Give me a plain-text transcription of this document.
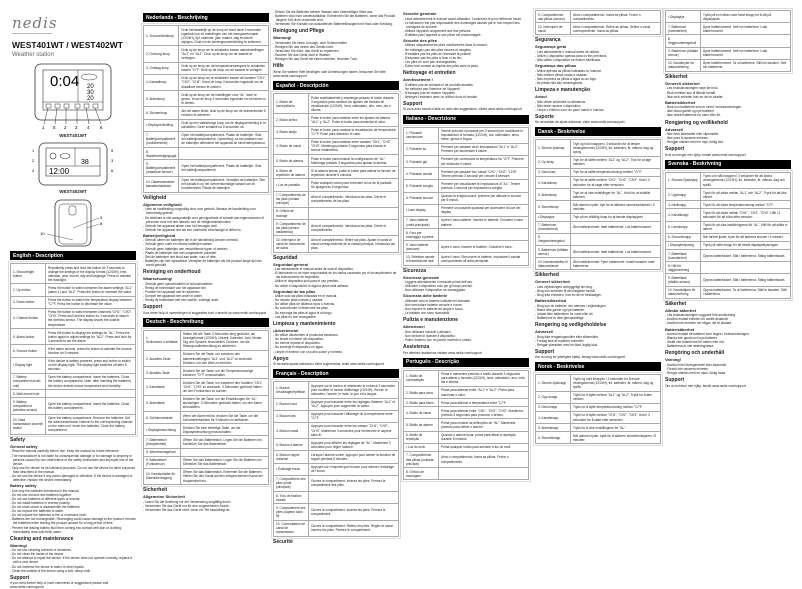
nedis
WEST401WT / WEST402WT
Weather station
0:04 20
30
20
1 5 2 3 4 6
WEST401WT
38
12:00
1
2
4
5
3
6
WEST402WT
9
8
10
English - Description
1. Snooze/light button	Repeatedly press and hold the button for 3 seconds to change the settings of the display format (12/24H), time, calendar, year, month, day and language. Press to activate the backlight.
2. Up button	Press the button to switch between the alarm settings "AL1" (alarm 1) and "AL2". Press the button to increase the value.
3. Down button	Press the button to switch the temperature display between °C/°F. Press the button to decrease the value.
4. Channel button	Press the button to switch between channels "CH1", "CH2", "CH3". Press and hold the button for 3 seconds to search the wireless sensor. The display shows the outside temperature.
5. Alarm button	Press the button to display the settings for "AL". Press the button again to adjust settings for "AL2". Press and hold for 3 seconds to set the alarm.
6. Snooze button	If the alarm sounds, press the button to activate the snooze function for 5 minutes.
• Display light	If the device is battery powered, press any button to switch on the display light. The display light switches off after 5 seconds.
7. Battery compartment (main unit)	Open the battery compartment. Insert the batteries. Close the battery compartment. Note: after inserting the batteries, the device detects indoor temperature and humidity.
8. Wall-mount hole	
9. Battery compartment (wireless sensor)	Open the battery compartment. Insert the batteries. Close the battery compartment.
10. Data transmission channel switch	Open the battery compartment. Remove the batteries. Set the data transmission channel to the corresponding channel on the main unit. Insert the batteries. Close the battery compartment.
Safety
General safety

- Read the manual carefully before use. Keep the manual for future reference.

- The manufacturer is not liable for consequential damage or for damage to property or persons caused by non-observance of the safety instructions and improper use of the device.

- Only use the device for its intended purposes. Do not use the device for other purposes than described in the manual.

- Do not use the device if any part is damaged or defective. If the device is damaged or defective, replace the device immediately.

Battery safety

- Use only the batteries mentioned in the manual.

- Do not use old and new batteries together.

- Do not use batteries of different types or brands.

- Do not install batteries in reverse polarity.

- Do not short-circuit or disassemble the batteries.

- Do not expose the batteries to water.

- Do not expose the batteries to fire or excessive heat.

- Batteries are not rechargeable. Recharging could cause damage to the product; remove the batteries when leaving the product unused for a long period of time.

- Prevent the leaking battery fluid from coming into contact with skin or clothing; immediately rinse with fresh water.

Cleaning and maintenance
Warning!

- Do not use cleaning solvents or abrasives.

- Do not clean the inside of the device.

- Do not attempt to repair the device. If the device does not operate correctly, replace it with a new device.

- Do not immerse the device in water or other liquids.

- Clean the outside of the device using a soft, damp cloth.

Support

If you need further help or have comments or suggestions please visit www.nedis.com/support

Nederlands - Beschrijving
1. Snooze/lichtknop	Druk herhaaldelijk op de knop en houd deze 3 seconden ingedrukt om de instellingen van het weergaveformaat (12/24H), tijd, kalender, jaar, maand, dag en taal te wijzigen. Druk om de achtergrondverlichting te activeren.
2. Omhoog-knop	Druk op de knop om te schakelen tussen alarminstellingen "AL1" en "AL2". Druk op de knop om de waarde te verhogen.
3. Omlaag-knop	Druk op de knop om de temperatuurweergave te schakelen tussen °C/°F. Druk op de knop om de waarde te verlagen.
4. Kanaalknop	Druk op de knop om te schakelen tussen de kanalen "CH1", "CH2", "CH3". Houd de knop 3 seconden ingedrukt om de draadloze sensor te zoeken.
5. Alarmknop	Druk op de knop om de instellingen voor "AL" weer te geven. Houd de knop 3 seconden ingedrukt om het alarm in te stellen.
6. Sluimerknop	Als het alarm klinkt, druk op de knop om de sluimerfunctie 5 minuten te activeren.
• Displayverlichting	Druk op een willekeurige knop om de displayverlichting in te schakelen. Deze schakelt na 5 seconden uit.
7. Batterijcompartiment (hoofdeenheid)	Open het batterijcompartiment. Plaats de batterijen. Sluit het batterijcompartiment. Opmerking: na het plaatsen van de batterijen detecteert het apparaat de binnentemperatuur.
8. Wandbevestigingsgat	
9. Batterijcompartiment (draadloze sensor)	Open het batterijcompartiment. Plaats de batterijen. Sluit het batterijcompartiment.
10. Datatransmissie-kanaalschakelaar	Open het batterijcompartiment. Verwijder de batterijen. Stel het kanaal in op het overeenkomstige kanaal van de hoofdeenheid. Plaats de batterijen.
Veiligheid
Algemene veiligheid

- Lees de handleiding zorgvuldig door voor gebruik. Bewaar de handleiding voor toekomstig gebruik.

- De fabrikant is niet aansprakelijk voor gevolgschade of schade aan eigendommen of personen door het niet naleven van de veiligheidsinstructies.

- Gebruik het apparaat alleen voor het beoogde doel.

- Gebruik het apparaat niet als een onderdeel beschadigd of defect is.

Batterijveiligheid

- Gebruik alleen de batterijen die in de handleiding worden vermeld.

- Gebruik geen oude en nieuwe batterijen samen.

- Gebruik geen batterijen van verschillende typen of merken.

- Plaats de batterijen niet met omgekeerde polariteit.

- Stel de batterijen niet bloot aan water, vuur of hitte.

- Batterijen zijn niet oplaadbaar. Verwijder de batterijen als het product lange tijd niet wordt gebruikt.

Reiniging en onderhoud
Waarschuwing!

- Gebruik geen oplosmiddelen of schuurmiddelen.

- Reinig de binnenkant van het apparaat niet.

- Probeer het apparaat niet te repareren.

- Dompel het apparaat niet onder in water.

- Reinig de buitenkant met een zachte, vochtige doek.

Support

Voor meer hulp of opmerkingen of suggesties kunt u terecht op www.nedis.com/support

Deutsch - Beschreibung
1. Schlummer-/Lichttaste	Halten Sie die Taste 3 Sekunden lang gedrückt, um Anzeigeformat (12/24H), Uhrzeit, Kalender, Jahr, Monat, Tag und Sprache einzustellen. Drücken, um die Hintergrundbeleuchtung zu aktivieren.
2. Aufwärts-Taste	Drücken Sie die Taste, um zwischen den Alarmeinstellungen "AL1" und "AL2" zu wechseln. Drücken, um den Wert zu erhöhen.
3. Abwärts-Taste	Drücken Sie die Taste, um die Temperaturanzeige zwischen °C/°F umzuschalten.
4. Kanaltaste	Drücken Sie die Taste, um zwischen den Kanälen "CH1", "CH2", "CH3" zu wechseln. 3 Sekunden gedrückt halten, um den Funksensor zu suchen.
5. Alarmtaste	Drücken Sie die Taste, um die Einstellungen für "AL" anzuzeigen. 3 Sekunden gedrückt halten, um den Alarm einzustellen.
6. Schlummertaste	Wenn der Alarm ertönt, drücken Sie die Taste, um die Schlummerfunktion für 5 Minuten zu aktivieren.
• Displaybeleuchtung	Drücken Sie eine beliebige Taste, um die Displaybeleuchtung einzuschalten.
7. Batteriefach (Haupteinheit)	Öffnen Sie das Batteriefach. Legen Sie die Batterien ein. Schließen Sie das Batteriefach.
8. Wandmontageloch	
9. Batteriefach (Funksensor)	Öffnen Sie das Batteriefach. Legen Sie die Batterien ein. Schließen Sie das Batteriefach.
10. Kanalschalter für Datenübertragung	Öffnen Sie das Batteriefach. Entfernen Sie die Batterien. Stellen Sie den Kanal auf den entsprechenden Kanal der Haupteinheit ein.
Sicherheit
Allgemeine Sicherheit

- Lesen Sie die Anleitung vor der Verwendung sorgfältig durch.

- Verwenden Sie das Gerät nur für den vorgesehenen Zweck.

- Verwenden Sie das Gerät nicht, wenn ein Teil beschädigt ist.

- Setzen Sie die Batterien keinem Wasser oder übermäßiger Hitze aus.

- Batterien sind nicht wiederaufladbar. Entnehmen Sie die Batterien, wenn das Produkt längere Zeit nicht verwendet wird.

- Vermeiden Sie Kontakt von auslaufender Batterieflüssigkeit mit Haut oder Kleidung.

Reinigung und Pflege
Warnung!

- Verwenden Sie keine Lösungs- oder Scheuermittel.

- Reinigen Sie das Innere des Geräts nicht.

- Versuchen Sie nicht, das Gerät zu reparieren.

- Tauchen Sie das Gerät nicht in Wasser.

- Reinigen Sie das Gerät mit einem weichen, feuchten Tuch.

Hilfe

Wenn Sie weitere Hilfe benötigen oder Anmerkungen haben, besuchen Sie bitte www.nedis.com/support

Español - Descripción
1. Botón de luz/repetición	Pulse repetidamente y mantenga pulsado el botón durante 3 segundos para cambiar los ajustes del formato de visualización (12/24H), hora, calendario, año, mes, día e idioma.
2. Botón arriba	Pulse el botón para cambiar entre los ajustes de alarma "AL1" y "AL2". Pulse el botón para aumentar el valor.
3. Botón abajo	Pulse el botón para cambiar la visualización de temperatura °C/°F. Pulse para disminuir el valor.
4. Botón de canal	Pulse el botón para cambiar entre canales "CH1", "CH2", "CH3". Mantenga pulsado 3 segundos para buscar el sensor inalámbrico.
5. Botón de alarma	Pulse el botón para mostrar la configuración de "AL". Mantenga pulsado 3 segundos para ajustar la alarma.
6. Botón de repetición de alarma	Si la alarma suena, pulse el botón para activar la función de repetición durante 5 minutos.
• Luz de pantalla	Pulse cualquier botón para encender la luz de la pantalla. Se apaga tras 5 segundos.
7. Compartimento de las pilas (unidad principal)	Abra el compartimento. Introduzca las pilas. Cierre el compartimento de las pilas.
8. Orificio de montaje	
9. Compartimento de las pilas (sensor inalámbrico)	Abra el compartimento. Introduzca las pilas. Cierre el compartimento.
10. Interruptor de canal de transmisión de datos	Abra el compartimento. Retire las pilas. Ajuste el canal al canal correspondiente de la unidad principal. Introduzca las pilas.
Seguridad
Seguridad general

- Lea atentamente el manual antes de usar el dispositivo.

- El fabricante no se hace responsable de los daños causados por el incumplimiento de las instrucciones de seguridad.

- Utilice el dispositivo solo para el uso previsto.

- No utilice el dispositivo si alguna pieza está dañada.

Seguridad de las pilas

- Utilice solo las pilas indicadas en el manual.

- No mezcle pilas nuevas y usadas.

- No utilice pilas de distintos tipos o marcas.

- No cortocircuite ni desmonte las pilas.

- No exponga las pilas al agua ni al fuego.

- Las pilas no son recargables.

Limpieza y mantenimiento
¡Advertencia!

- No utilice disolventes ni productos abrasivos.

- No limpie el interior del dispositivo.

- No intente reparar el dispositivo.

- No sumerja el dispositivo en agua.

- Limpie el exterior con un paño suave y húmedo.

Apoyo

Si necesita ayuda adicional o tiene sugerencias, visite www.nedis.com/support

Français - Description
1. Bouton d'éclairage/répétition	Appuyez sur le bouton et maintenez-le enfoncé 3 secondes pour modifier le format d'affichage (12/24H), l'heure, le calendrier, l'année, le mois, le jour et la langue.
2. Bouton haut	Appuyez pour basculer entre les réglages d'alarme "AL1" et "AL2". Appuyez pour augmenter la valeur.
3. Bouton bas	Appuyez pour basculer l'affichage de la température entre °C/°F.
4. Bouton canal	Appuyez pour basculer entre les canaux "CH1", "CH2", "CH3". Maintenez 3 secondes pour rechercher le capteur sans fil.
5. Bouton d'alarme	Appuyez pour afficher les réglages de "AL". Maintenez 3 secondes pour régler l'alarme.
6. Bouton rappel d'alarme	Lorsque l'alarme sonne, appuyez pour activer la fonction de rappel pendant 5 minutes.
• Éclairage écran	Appuyez sur n'importe quel bouton pour allumer l'éclairage de l'écran.
7. Compartiment des piles (unité principale)	Ouvrez le compartiment. Insérez les piles. Fermez le compartiment des piles.
8. Trou de fixation murale	
9. Compartiment des piles (capteur sans fil)	Ouvrez le compartiment. Insérez les piles. Fermez le compartiment.
10. Commutateur de canal de transmission	Ouvrez le compartiment. Retirez les piles. Réglez le canal. Insérez les piles. Fermez le compartiment.
Sécurité
Sécurité générale

- Lisez attentivement le manuel avant utilisation. Conservez-le pour référence future.

- Le fabricant n'est pas responsable des dommages causés par le non-respect des consignes de sécurité.

- Utilisez l'appareil uniquement aux fins prévues.

- N'utilisez pas l'appareil si une pièce est endommagée.

Sécurité des piles

- Utilisez uniquement les piles mentionnées dans le manuel.

- Ne mélangez pas des piles neuves et usagées.

- N'installez pas les piles en inversant la polarité.

- N'exposez pas les piles à l'eau ni au feu.

- Les piles ne sont pas rechargeables.

- Évitez tout contact du liquide des piles avec la peau.

Nettoyage et entretien
Avertissement !

- N'utilisez pas de solvants ni de produits abrasifs.

- Ne nettoyez pas l'intérieur de l'appareil.

- N'essayez pas de réparer l'appareil.

- Nettoyez l'extérieur avec un chiffon doux et humide.

Support

Si vous avez besoin d'aide ou avez des suggestions, visitez www.nedis.com/support

Italiano - Descrizione
1. Pulsante luce/snooze	Tenere premuto il pulsante per 3 secondi per modificare le impostazioni di formato (12/24H), ora, calendario, anno, mese, giorno e lingua.
2. Pulsante su	Premere per passare tra le impostazioni "AL1" e "AL2". Premere per aumentare il valore.
3. Pulsante giù	Premere per commutare la temperatura tra °C/°F. Premere per diminuire il valore.
4. Pulsante canale	Premere per passare tra i canali "CH1", "CH2", "CH3". Tenere premuto 3 secondi per cercare il sensore.
5. Pulsante sveglia	Premere per visualizzare le impostazioni di "AL". Tenere premuto 3 secondi per impostare la sveglia.
6. Pulsante snooze	Quando la sveglia suona, premere per attivare lo snooze per 5 minuti.
• Luce display	Premere un pulsante qualsiasi per accendere la luce del display.
7. Vano batterie (unità principale)	Aprire il vano batterie. Inserire le batterie. Chiudere il vano batterie.
8. Foro per montaggio a parete	
9. Vano batterie (sensore)	Aprire il vano. Inserire le batterie. Chiudere il vano.
10. Selettore canale di trasmissione dati	Aprire il vano. Rimuovere le batterie. Impostare il canale corrispondente all'unità principale.
Sicurezza
Sicurezza generale

- Leggere attentamente il manuale prima dell'uso.

- Utilizzare il dispositivo solo per gli scopi previsti.

- Non utilizzare il dispositivo se danneggiato.

Sicurezza delle batterie

- Utilizzare solo le batterie indicate nel manuale.

- Non mescolare batterie vecchie e nuove.

- Non esporre le batterie ad acqua o fuoco.

- Le batterie non sono ricaricabili.

Pulizia e manutenzione
Attenzione!

- Non utilizzare solventi o abrasivi.

- Non tentare di riparare il dispositivo.

- Pulire l'esterno con un panno morbido e umido.

Assistenza

Per ulteriore assistenza visitare www.nedis.com/support

Português - Descrição
1. Botão de luz/repetição	Prima e mantenha premido o botão durante 3 segundos para alterar o formato (12/24H), hora, calendário, ano, mês, dia e idioma.
2. Botão para cima	Prima para alternar entre "AL1" e "AL2". Prima para aumentar o valor.
3. Botão para baixo	Prima para alternar a temperatura entre °C/°F.
4. Botão de canal	Prima para alternar entre "CH1", "CH2", "CH3". Mantenha premido 3 segundos para procurar o sensor.
5. Botão de alarme	Prima para mostrar as definições de "AL". Mantenha premido para definir o alarme.
6. Botão de repetição	Quando o alarme tocar, prima para ativar a repetição durante 5 minutos.
• Luz do ecrã	Prima qualquer botão para acender a luz do ecrã.
7. Compartimento das pilhas (unidade principal)	Abra o compartimento. Insira as pilhas. Feche o compartimento.
8. Orifício de montagem	
9. Compartimento das pilhas (sensor)	Abra o compartimento. Insira as pilhas. Feche o compartimento.
10. Interruptor de canal	Abra o compartimento. Retire as pilhas. Defina o canal correspondente. Insira as pilhas.
Segurança
Segurança geral

- Leia atentamente o manual antes de utilizar.

- Utilize o dispositivo apenas para os fins previstos.

- Não utilize o dispositivo se estiver danificado.

Segurança das pilhas

- Utilize apenas as pilhas indicadas no manual.

- Não misture pilhas novas e usadas.

- Não exponha as pilhas à água ou ao fogo.

- As pilhas não são recarregáveis.

Limpeza e manutenção
Aviso!

- Não utilize solventes ou abrasivos.

- Não tente reparar o dispositivo.

- Limpe o exterior com um pano macio e húmido.

Suporte

Se necessitar de ajuda adicional, visite www.nedis.com/support

Dansk - Beskrivelse
1. Slumre-/lysknap	Tryk og hold knappen i 3 sekunder for at ændre visningsformat (12/24H), tid, kalender, år, måned, dag og sprog.
2. Op-knap	Tryk for at skifte mellem "AL1" og "AL2". Tryk for at øge værdien.
3. Ned-knap	Tryk for at skifte temperaturvisning mellem °C/°F.
4. Kanalknap	Tryk for at skifte mellem "CH1", "CH2", "CH3". Hold i 3 sekunder for at søge efter sensoren.
5. Alarmknap	Tryk for at vise indstillinger for "AL". Hold for at indstille alarmen.
6. Slumreknap	Når alarmen lyder, tryk for at aktivere slumrefunktionen i 5 minutter.
• Displaylys	Tryk på en vilkårlig knap for at tænde displaylyset.
7. Batterirum (hovedenhed)	Åbn batterirummet. Isæt batterierne. Luk batterirummet.
8. Vægmonteringshul	
9. Batterirum (trådløs sensor)	Åbn batterirummet. Isæt batterierne. Luk batterirummet.
10. Kanalomskifter til dataoverførsel	Åbn batterirummet. Fjern batterierne. Indstil kanalen. Isæt batterierne.
Sikkerhed
Generel sikkerhed

- Læs vejledningen omhyggeligt før brug.

- Brug kun enheden til det tilsigtede formål.

- Brug ikke enheden, hvis en del er beskadiget.

Batterisikkerhed

- Brug kun de batterier, der nævnes i vejledningen.

- Bland ikke gamle og nye batterier.

- Udsæt ikke batterierne for vand eller ild.

- Batterierne er ikke genopladelige.

Rengøring og vedligeholdelse
Advarsel!

- Brug ikke rengøringsmidler eller slibemidler.

- Forsøg ikke at reparere enheden.

- Rengør ydersiden med en blød, fugtig klud.

Support

Har du brug for yderligere hjælp, besøg www.nedis.com/support

Norsk - Beskrivelse
1. Slumre-/lysknapp	Trykk og hold knappen i 3 sekunder for å endre visningsformat (12/24H), tid, kalender, år, måned, dag og språk.
2. Opp-knapp	Trykk for å bytte mellom "AL1" og "AL2". Trykk for å øke verdien.
3. Ned-knapp	Trykk for å bytte temperaturvisning mellom °C/°F.
4. Kanalknapp	Trykk for å bytte mellom "CH1", "CH2", "CH3". Hold i 3 sekunder for å søke etter sensoren.
5. Alarmknapp	Trykk for å vise innstillingene for "AL".
6. Slumreknapp	Når alarmen lyder, trykk for å aktivere slumrefunksjonen i 5 minutter.
• Displaylys	Trykk på en hvilken som helst knapp for å slå på displaylyset.
7. Batterirom (hovedenhet)	Åpne batterirommet. Sett inn batteriene. Lukk batterirommet.
8. Veggmonteringshull	
9. Batterirom (trådløs sensor)	Åpne batterirommet. Sett inn batteriene. Lukk batterirommet.
10. Kanalbryter for dataoverføring	Åpne batterirommet. Ta ut batteriene. Still inn kanalen. Sett inn batteriene.
Sikkerhet
Generell sikkerhet

- Les bruksanvisningen nøye før bruk.

- Bruk enheten kun til tiltenkt formål.

- Ikke bruk enheten hvis en del er skadet.

Batterisikkerhet

- Bruk kun batteriene som er nevnt i bruksanvisningen.

- Ikke bland gamle og nye batterier.

- Ikke utsett batteriene for vann eller ild.

Rengjøring og vedlikehold
Advarsel!

- Ikke bruk løsemidler eller slipemidler.

- Ikke prøv å reparere enheten.

- Rengjør utsiden med en myk, fuktig klut.

Support

Hvis du trenger mer hjelp, besøk www.nedis.com/support

Svenska - Beskrivning
1. Snooze-/ljusknapp	Tryck och håll knappen i 3 sekunder för att ändra visningsformat (12/24H), tid, kalender, år, månad, dag och språk.
2. Uppknapp	Tryck för att växla mellan "AL1" och "AL2". Tryck för att öka värdet.
3. Nedknapp	Tryck för att växla temperaturvisning mellan °C/°F.
4. Kanalknapp	Tryck för att växla mellan "CH1", "CH2", "CH3". Håll i 3 sekunder för att söka efter sensorn.
5. Larmknapp	Tryck för att visa inställningarna för "AL". Håll för att ställa in larmet.
6. Snoozeknapp	När larmet ljuder, tryck för att aktivera snooze i 5 minuter.
• Displaybelysning	Tryck på valfri knapp för att tända displaybelysningen.
7. Batterifack (huvudenhet)	Öppna batterifacket. Sätt i batterierna. Stäng batterifacket.
8. Hål för väggmontering	
9. Batterifack (trådlös sensor)	Öppna batterifacket. Sätt i batterierna. Stäng batterifacket.
10. Kanalväljare för dataöverföring	Öppna batterifacket. Ta ur batterierna. Ställ in kanalen. Sätt i batterierna.
Säkerhet
Allmän säkerhet

- Läs bruksanvisningen noggrant före användning.

- Använd endast enheten för avsett ändamål.

- Använd inte enheten om någon del är skadad.

Batterisäkerhet

- Använd endast de batterier som anges i bruksanvisningen.

- Blanda inte gamla och nya batterier.

- Utsätt inte batterierna för vatten eller eld.

- Batterierna är inte laddningsbara.

Rengöring och underhåll
Varning!

- Använd inte lösningsmedel eller slipmedel.

- Försök inte reparera enheten.

- Rengör utsidan med en mjuk, fuktig trasa.

Support

Om du behöver mer hjälp, besök www.nedis.com/support
